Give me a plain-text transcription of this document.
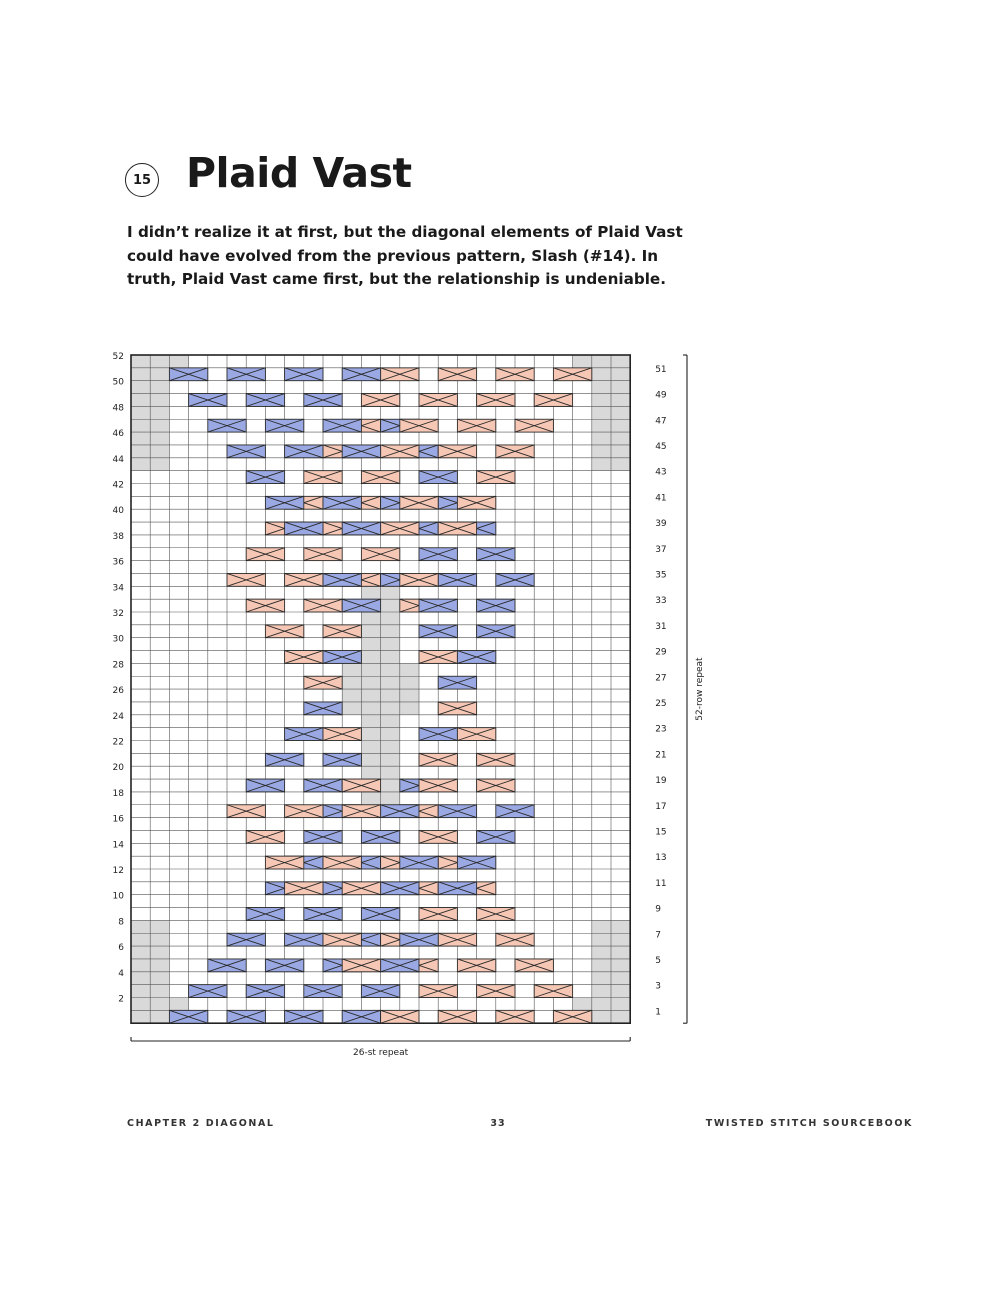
15 Plaid Vast

I didn’t realize it at first, but the diagonal elements of Plaid Vast could have evolved from the previous pattern, Slash (#14). In truth, Plaid Vast came first, but the relationship is undeniable.

52
50
48
46
44
42
40
38
36
34
32
30
28
26
24
22
20
18
16
14
12
10
8
6
4
2
51
49
47
45
43
41
39
37
35
33
31
29
27
25
23
21
19
17
15
13
11
9
7
5
3
1
52-row repeat
26-st repeat
CHAPTER 2 DIAGONAL	33	TWISTED STITCH SOURCEBOOK
